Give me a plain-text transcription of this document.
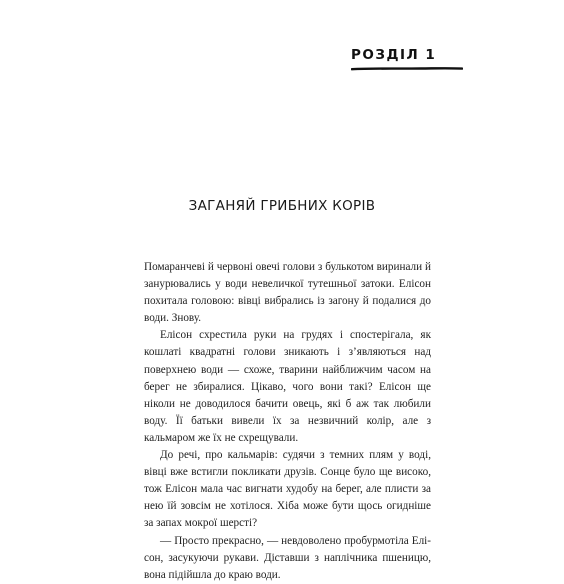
РОЗДІЛ 1
ЗАГАНЯЙ ГРИБНИХ КОРІВ

Помаранчеві й червоні овечі голови з булькотом виринали й занурювались у води невеличкої тутешньої затоки. Елісон похитала головою: вівці вибрались із загону й подалися до води. Знову.

Елісон схрестила руки на грудях і спостерігала, як кошлаті квадратні голови зникають і з’являються над поверхнею води — схоже, тварини найближчим часом на берег не збиралися. Цікаво, чого вони такі? Елісон ще ніколи не доводилося бачити овець, які б аж так любили воду. Її батьки вивели їх за незвичний колір, але з кальмаром же їх не схрещували.

До речі, про кальмарів: судячи з темних плям у воді, вівці вже встигли покликати друзів. Сонце було ще високо, тож Елісон мала час вигнати худобу на берег, але плисти за нею їй зовсім не хотілося. Хіба може бути щось огидніше за запах мокрої шерсті?

— Просто прекрасно, — невдоволено пробурмотіла Елісон, засукуючи рукави. Діставши з наплічника пшеницю, вона підійшла до краю води.
